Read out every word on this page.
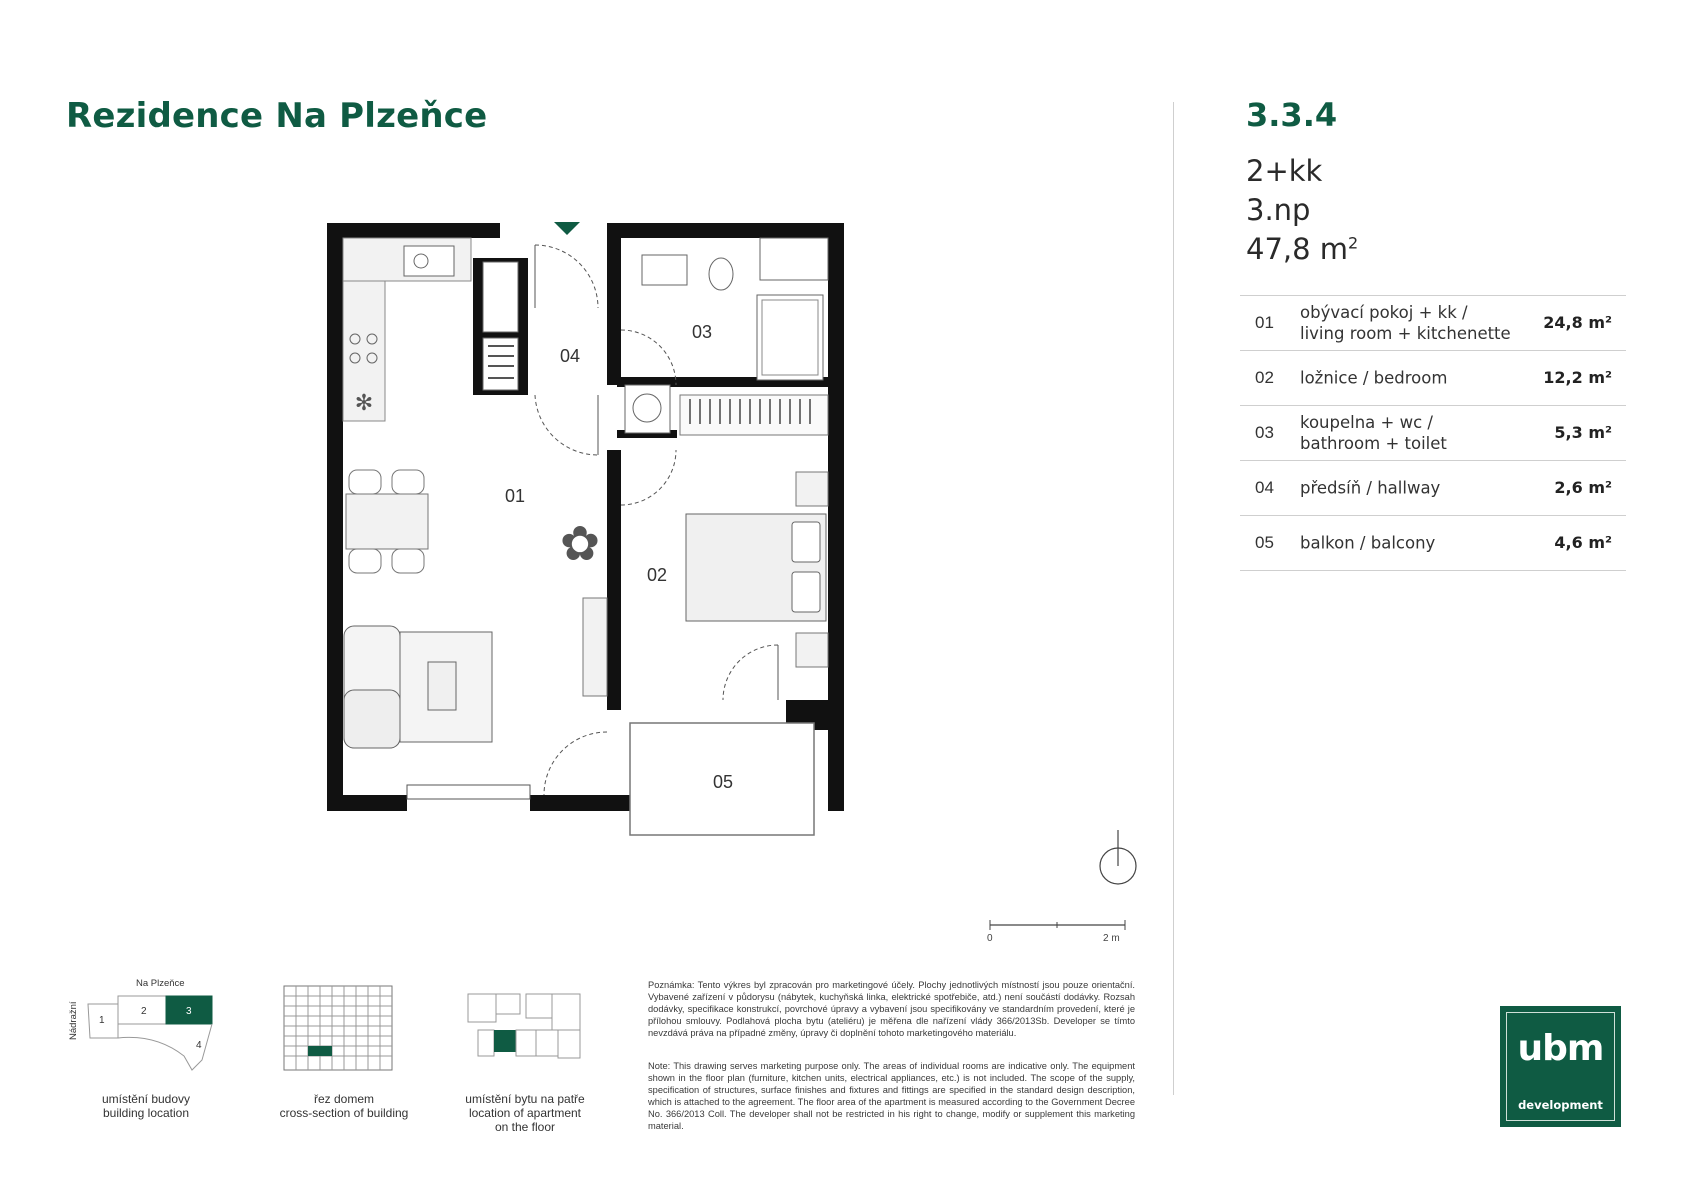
Rezidence Na Plzeňce	3.3.4
2+kk
3.np
47,8 $m^2$
01
obývací pokoj + kk /
living room + kitchenette
24,8 m²
02 ložnice / bedroom	12,2 m²
03
koupelna + wc /
bathroom + toilet
5,3 m²
04 předsíň / hallway	2,6 m²
05 balkon / balcony	4,6 m²
✻
✿
01
02
03
04
05
0	2 m
Na Plzeňce
Nádražní 1
2	3
4
umístění budovy
building location
řez domem
cross-section of building
umístění bytu na patře
location of apartment
on the floor
Poznámka: Tento výkres byl zpracován pro marketingové účely. Plochy jednotlivých místností jsou pouze orientační. Vybavené zařízení v půdorysu (nábytek, kuchyňská linka, elektrické spotřebiče, atd.) není součástí dodávky. Rozsah dodávky, specifikace konstrukcí, povrchové úpravy a vybavení jsou specifikovány ve standardním provedení, které je přílohou smlouvy. Podlahová plocha bytu (ateliéru) je měřena dle nařízení vlády 366/2013Sb. Developer se tímto nevzdává práva na případné změny, úpravy či doplnění tohoto marketingového materiálu.
Note: This drawing serves marketing purpose only. The areas of individual rooms are indicative only. The equipment shown in the floor plan (furniture, kitchen units, electrical appliances, etc.) is not included. The scope of the supply, specification of structures, surface finishes and fixtures and fittings are specified in the standard design description, which is attached to the agreement. The floor area of the apartment is measured according to the Government Decree No. 366/2013 Coll. The developer shall not be restricted in his right to change, modify or supplement this marketing material.
ubm
development
